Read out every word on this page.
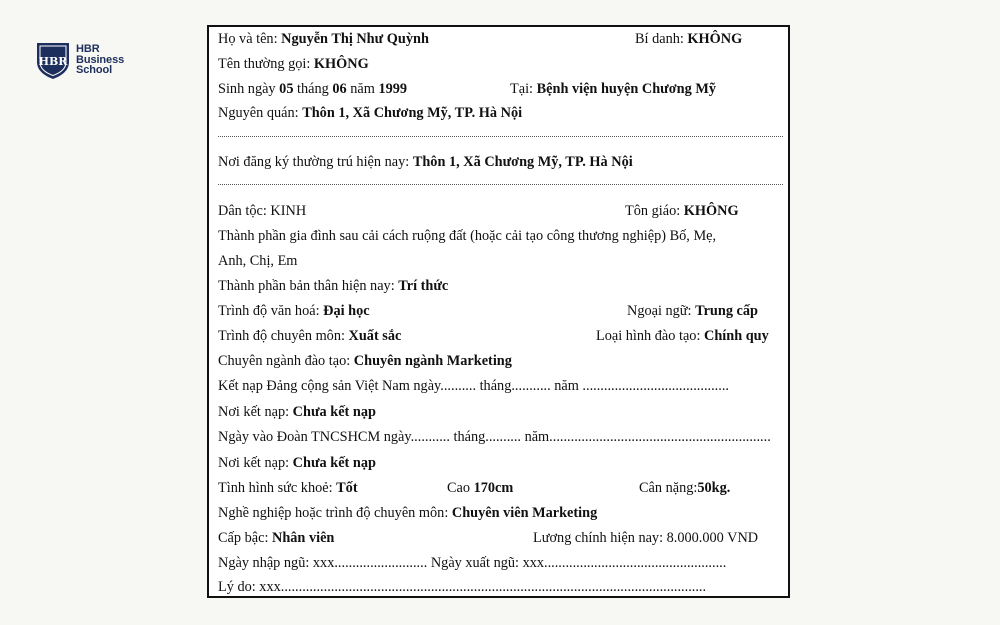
HBR
HBR
Business
School
Họ và tên: Nguyễn Thị Như Quỳnh	Bí danh: KHÔNG
Tên thường gọi: KHÔNG
Sinh ngày 05 tháng 06 năm 1999	Tại: Bệnh viện huyện Chương Mỹ
Nguyên quán: Thôn 1, Xã Chương Mỹ, TP. Hà Nội
Nơi đăng ký thường trú hiện nay: Thôn 1, Xã Chương Mỹ, TP. Hà Nội
Dân tộc: KINH	Tôn giáo: KHÔNG
Thành phần gia đình sau cải cách ruộng đất (hoặc cải tạo công thương nghiệp) Bố, Mẹ,
Anh, Chị, Em
Thành phần bản thân hiện nay: Trí thức
Trình độ văn hoá: Đại học	Ngoại ngữ: Trung cấp
Trình độ chuyên môn: Xuất sắc	Loại hình đào tạo: Chính quy
Chuyên ngành đào tạo: Chuyên ngành Marketing
Kết nạp Đảng cộng sản Việt Nam ngày.......... tháng........... năm .........................................
Nơi kết nạp: Chưa kết nạp
Ngày vào Đoàn TNCSHCM ngày........... tháng.......... năm..............................................................
Nơi kết nạp: Chưa kết nạp
Tình hình sức khoẻ: Tốt	Cao 170cm	Cân nặng:50kg.
Nghề nghiệp hoặc trình độ chuyên môn: Chuyên viên Marketing
Cấp bậc: Nhân viên	Lương chính hiện nay: 8.000.000 VND
Ngày nhập ngũ: xxx.......................... Ngày xuất ngũ: xxx...................................................
Lý do: xxx.......................................................................................................................
